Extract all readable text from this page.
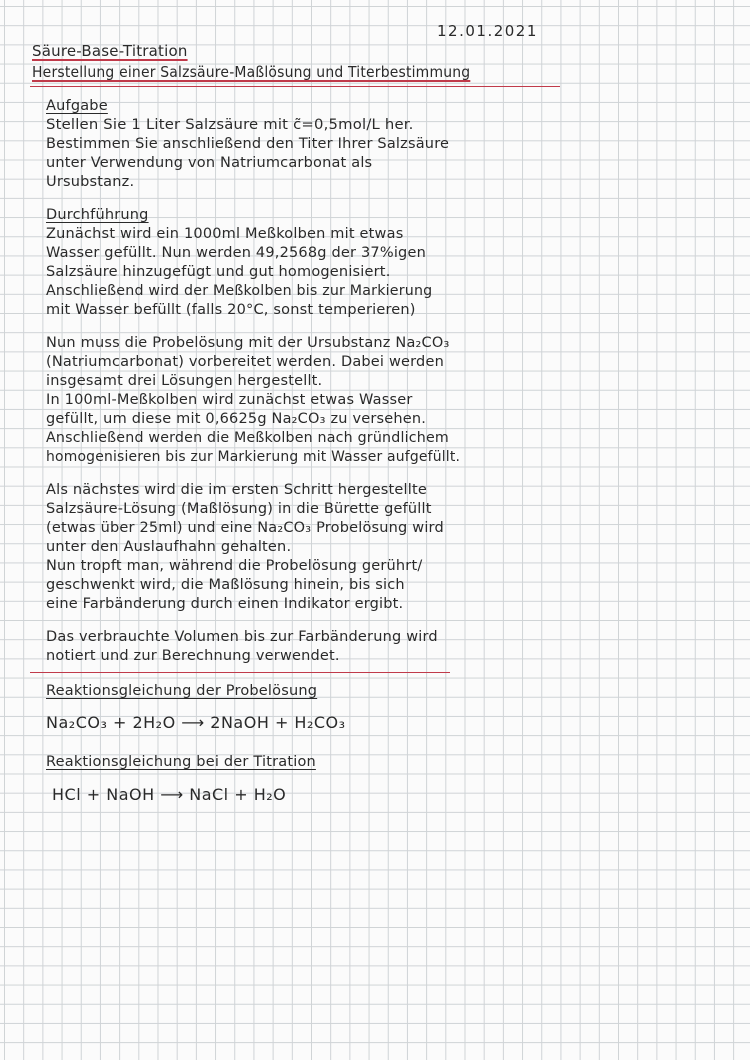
12.01.2021
Säure-Base-Titration
Herstellung einer Salzsäure-Maßlösung und Titerbestimmung
Aufgabe
Stellen Sie 1 Liter Salzsäure mit c̃=0,5mol/L her.
Bestimmen Sie anschließend den Titer Ihrer Salzsäure
unter Verwendung von Natriumcarbonat als
Ursubstanz.
Durchführung
Zunächst wird ein 1000ml Meßkolben mit etwas
Wasser gefüllt. Nun werden 49,2568g der 37%igen
Salzsäure hinzugefügt und gut homogenisiert.
Anschließend wird der Meßkolben bis zur Markierung
mit Wasser befüllt (falls 20°C, sonst temperieren)
Nun muss die Probelösung mit der Ursubstanz Na₂CO₃
(Natriumcarbonat) vorbereitet werden. Dabei werden
insgesamt drei Lösungen hergestellt.
In 100ml-Meßkolben wird zunächst etwas Wasser
gefüllt, um diese mit 0,6625g Na₂CO₃ zu versehen.
Anschließend werden die Meßkolben nach gründlichem
homogenisieren bis zur Markierung mit Wasser aufgefüllt.
Als nächstes wird die im ersten Schritt hergestellte
Salzsäure-Lösung (Maßlösung) in die Bürette gefüllt
(etwas über 25ml) und eine Na₂CO₃ Probelösung wird
unter den Auslaufhahn gehalten.
Nun tropft man, während die Probelösung gerührt/
geschwenkt wird, die Maßlösung hinein, bis sich
eine Farbänderung durch einen Indikator ergibt.
Das verbrauchte Volumen bis zur Farbänderung wird
notiert und zur Berechnung verwendet.
Reaktionsgleichung der Probelösung
Na₂CO₃ + 2H₂O ⟶ 2NaOH + H₂CO₃
Reaktionsgleichung bei der Titration
HCl + NaOH ⟶ NaCl + H₂O
